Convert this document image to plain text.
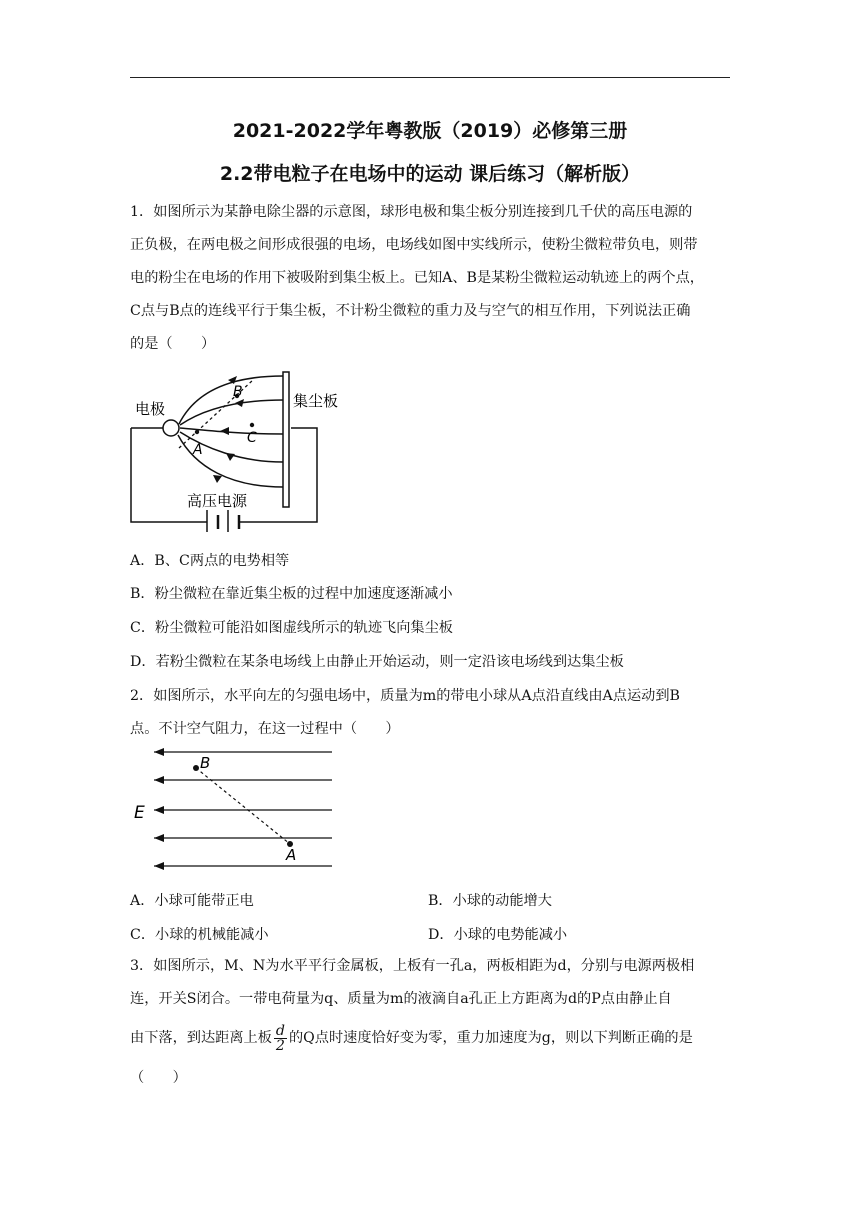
2021-2022学年粤教版（2019）必修第三册
2.2带电粒子在电场中的运动 课后练习（解析版）
1．如图所示为某静电除尘器的示意图，球形电极和集尘板分别连接到几千伏的高压电源的
正负极，在两电极之间形成很强的电场，电场线如图中实线所示，使粉尘微粒带负电，则带
电的粉尘在电场的作用下被吸附到集尘板上。已知A、B是某粉尘微粒运动轨迹上的两个点，
C点与B点的连线平行于集尘板，不计粉尘微粒的重力及与空气的相互作用，下列说法正确
的是（　　）
电极	集尘板
高压电源
B
C
A
A．B、C两点的电势相等
B．粉尘微粒在靠近集尘板的过程中加速度逐渐减小
C．粉尘微粒可能沿如图虚线所示的轨迹飞向集尘板
D．若粉尘微粒在某条电场线上由静止开始运动，则一定沿该电场线到达集尘板
2．如图所示，水平向左的匀强电场中，质量为m的带电小球从A点沿直线由A点运动到B
点。不计空气阻力，在这一过程中（　　）
B
A
E
A．小球可能带正电	B．小球的动能增大
C．小球的机械能减小	D．小球的电势能减小
3．如图所示，M、N为水平平行金属板，上板有一孔a，两板相距为d，分别与电源两极相
连，开关S闭合。一带电荷量为q、质量为m的液滴自a孔正上方距离为d的P点由静止自
由下落，到达距离上板 $\frac{d}{2}$ 的Q点时速度恰好变为零，重力加速度为g，则以下判断正确的是
（　　）
